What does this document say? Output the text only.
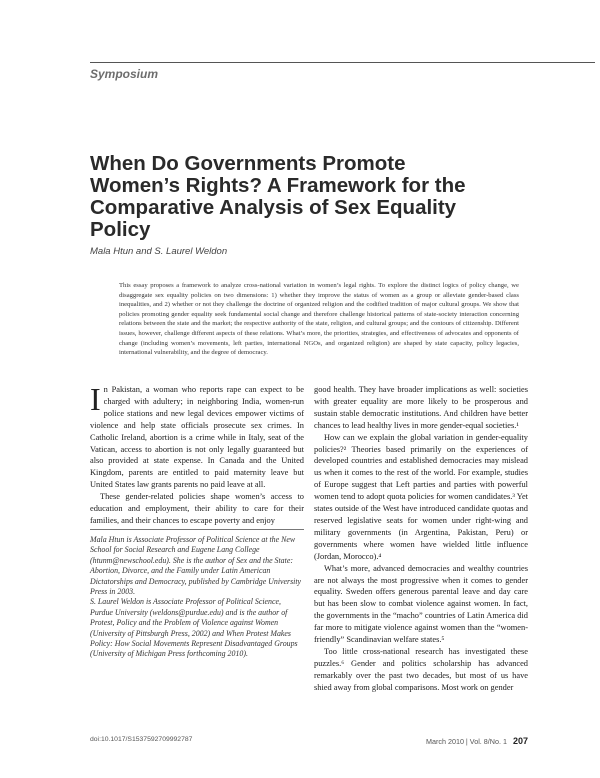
Symposium
When Do Governments Promote Women’s Rights? A Framework for the Comparative Analysis of Sex Equality Policy
Mala Htun and S. Laurel Weldon

This essay proposes a framework to analyze cross-national variation in women’s legal rights. To explore the distinct logics of policy change, we disaggregate sex equality policies on two dimensions: 1) whether they improve the status of women as a group or alleviate gender-based class inequalities, and 2) whether or not they challenge the doctrine of organized religion and the codified tradition of major cultural groups. We show that policies promoting gender equality seek fundamental social change and therefore challenge historical patterns of state-society interaction concerning relations between the state and the market; the respective authority of the state, religion, and cultural groups; and the contours of citizenship. Different issues, however, challenge different aspects of these relations. What’s more, the priorities, strategies, and effectiveness of advocates and opponents of change (including women’s movements, left parties, international NGOs, and organized religion) are shaped by state capacity, policy legacies, international vulnerability, and the degree of democracy.

In Pakistan, a woman who reports rape can expect to be charged with adultery; in neighboring India, women-run police stations and new legal devices empower victims of violence and help state officials prosecute sex crimes. In Catholic Ireland, abortion is a crime while in Italy, seat of the Vatican, access to abortion is not only legally guaranteed but also provided at state expense. In Canada and the United Kingdom, parents are entitled to paid maternity leave but United States law grants parents no paid leave at all.

These gender-related policies shape women’s access to education and employment, their ability to care for their families, and their chances to escape poverty and enjoy

Mala Htun is Associate Professor of Political Science at the New School for Social Research and Eugene Lang College (htunm@newschool.edu). She is the author of Sex and the State: Abortion, Divorce, and the Family under Latin American Dictatorships and Democracy, published by Cambridge University Press in 2003.

S. Laurel Weldon is Associate Professor of Political Science, Purdue University (weldons@purdue.edu) and is the author of Protest, Policy and the Problem of Violence against Women (University of Pittsburgh Press, 2002) and When Protest Makes Policy: How Social Movements Represent Disadvantaged Groups (University of Michigan Press forthcoming 2010).

good health. They have broader implications as well: societies with greater equality are more likely to be prosperous and sustain stable democratic institutions. And children have better chances to lead healthy lives in more gender-equal societies.¹

How can we explain the global variation in gender-equality policies?² Theories based primarily on the experiences of developed countries and established democracies may mislead us when it comes to the rest of the world. For example, studies of Europe suggest that Left parties and parties with powerful women tend to adopt quota policies for women candidates.³ Yet states outside of the West have introduced candidate quotas and reserved legislative seats for women under right-wing and military governments (in Argentina, Pakistan, Peru) or governments where women have wielded little influence (Jordan, Morocco).⁴

What’s more, advanced democracies and wealthy countries are not always the most progressive when it comes to gender equality. Sweden offers generous parental leave and day care but has been slow to combat violence against women. In fact, the governments in the “macho” countries of Latin America did far more to mitigate violence against women than the “women-friendly” Scandinavian welfare states.⁵

Too little cross-national research has investigated these puzzles.⁶ Gender and politics scholarship has advanced remarkably over the past two decades, but most of us have shied away from global comparisons. Most work on gender

doi:10.1017/S1537592709992787	March 2010 | Vol. 8/No. 1 207
